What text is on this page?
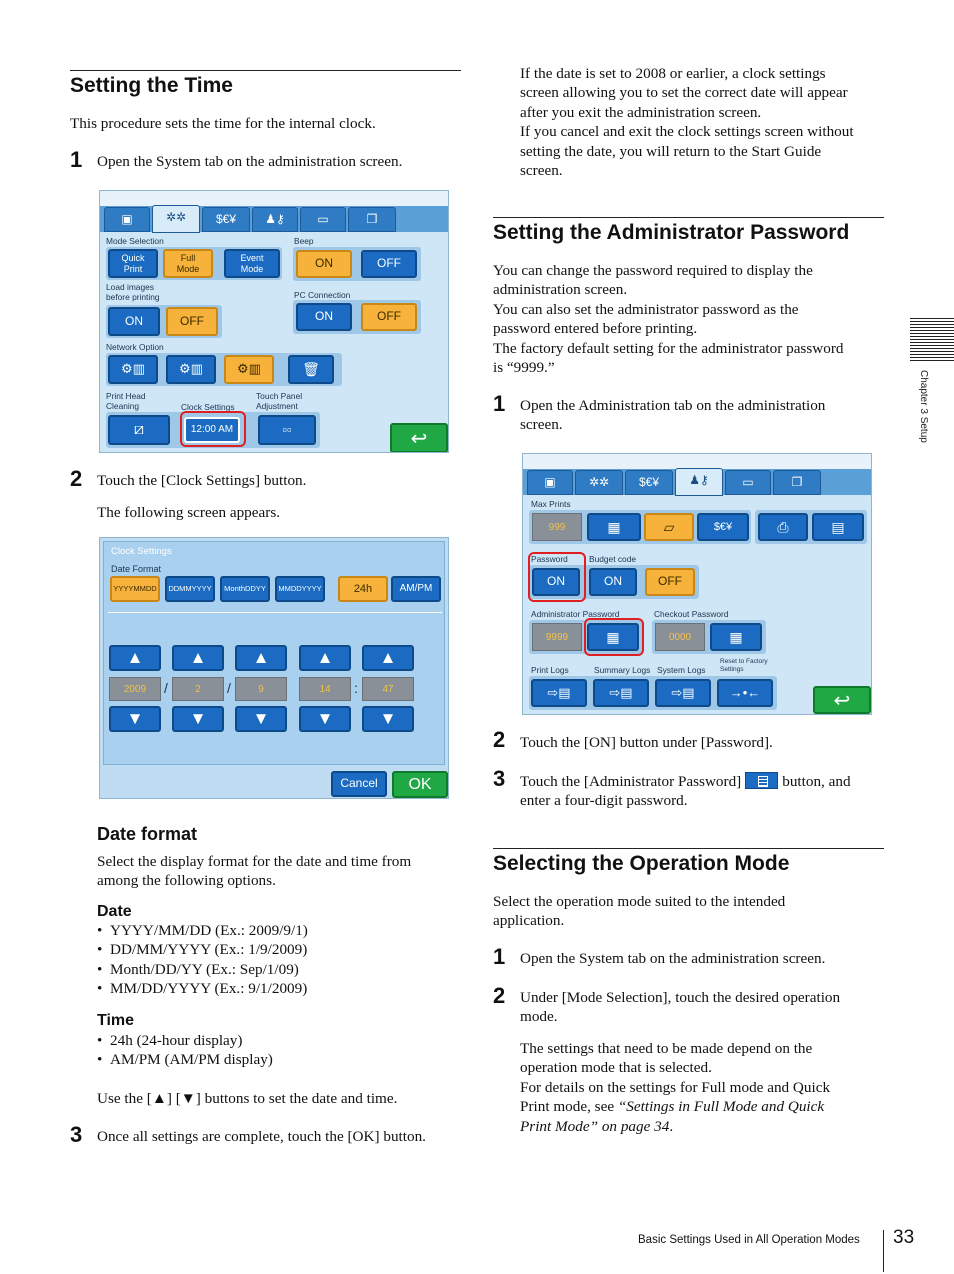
Setting the Time
This procedure sets the time for the internal clock.
1 Open the System tab on the administration screen.
▣	✲✲	$€¥	♟⚷	▭	❐
Mode Selection
Quick
Print
Full
Mode
Event
Mode
Beep
ON	OFF
Load images
before printing
ON	OFF
PC Connection
ON	OFF
Network Option
⚙▥	⚙▥	⚙▥	🗑
Print Head
Cleaning	Clock Settings
Touch Panel
Adjustment
⧄	12:00 AM	▫▫	↩
2 Touch the [Clock Settings] button.
The following screen appears.
Clock Settings
Date Format
YYYYMMDD	DDMMYYYY	MonthDDYY	MMDDYYYY	24h	AM/PM
▲	▲	▲	▲	▲
2009	/	2	/	9	14	:	47
▼	▼	▼	▼	▼
Cancel	OK
Date format
Select the display format for the date and time from
among the following options.
Date
• YYYY/MM/DD (Ex.: 2009/9/1)
• DD/MM/YYYY (Ex.: 1/9/2009)
• Month/DD/YY (Ex.: Sep/1/09)
• MM/DD/YYYY (Ex.: 9/1/2009)
Time
• 24h (24-hour display)
• AM/PM (AM/PM display)
Use the [▲] [▼] buttons to set the date and time.
3 Once all settings are complete, touch the [OK] button.
If the date is set to 2008 or earlier, a clock settings
screen allowing you to set the correct date will appear
after you exit the administration screen.
If you cancel and exit the clock settings screen without
setting the date, you will return to the Start Guide
screen.
Setting the Administrator Password
You can change the password required to display the
administration screen.
You can also set the administrator password as the
password entered before printing.
The factory default setting for the administrator password
is “9999.”
1 Open the Administration tab on the administration
screen.
▣	✲✲	$€¥	♟⚷	▭	❐
Max Prints
999	▦	▱	$€¥	⎙	▤
Password	Budget code
ON	ON	OFF
Administrator Password	Checkout Password
9999	▦	0000	▦
Print Logs	Summary Logs System Logs
Reset to Factory
Settings
⇨▤	⇨▤	⇨▤	→•←	↩
2 Touch the [ON] button under [Password].
3 Touch the [Administrator Password]	button, and
enter a four-digit password.
Selecting the Operation Mode
Select the operation mode suited to the intended
application.
1 Open the System tab on the administration screen.
2 Under [Mode Selection], touch the desired operation
mode.
The settings that need to be made depend on the
operation mode that is selected.
For details on the settings for Full mode and Quick
Print mode, see “Settings in Full Mode and Quick
Print Mode” on page 34.
Chapter 3 Setup
Basic Settings Used in All Operation Modes 33
